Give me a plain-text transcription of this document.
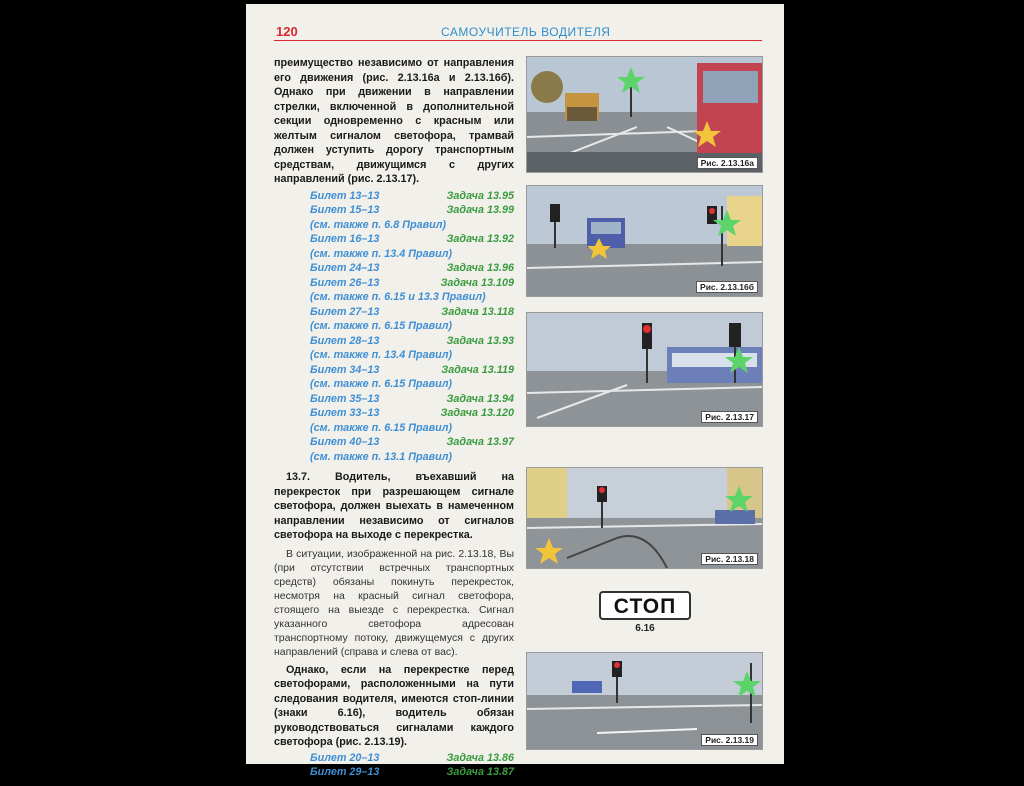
120	САМОУЧИТЕЛЬ ВОДИТЕЛЯ
преимущество независимо от направления его движения (рис. 2.13.16а и 2.13.16б). Однако при движении в направлении стрелки, включенной в дополнительной секции одновременно с красным или желтым сигналом светофора, трамвай должен уступить дорогу транспортным средствам, движущимся с других направлений (рис. 2.13.17).
Билет 13–13	Задача 13.95
Билет 15–13	Задача 13.99
(см. также п. 6.8 Правил)
Билет 16–13	Задача 13.92
(см. также п. 13.4 Правил)
Билет 24–13	Задача 13.96
Билет 26–13	Задача 13.109
(см. также п. 6.15 и 13.3 Правил)
Билет 27–13	Задача 13.118
(см. также п. 6.15 Правил)
Билет 28–13	Задача 13.93
(см. также п. 13.4 Правил)
Билет 34–13	Задача 13.119
(см. также п. 6.15 Правил)
Билет 35–13	Задача 13.94
Билет 33–13	Задача 13.120
(см. также п. 6.15 Правил)
Билет 40–13	Задача 13.97
(см. также п. 13.1 Правил)
13.7. Водитель, въехавший на перекресток при разрешающем сигнале светофора, должен выехать в намеченном направлении независимо от сигналов светофора на выходе с перекрестка.
В ситуации, изображенной на рис. 2.13.18, Вы (при отсутствии встречных транспортных средств) обязаны покинуть перекресток, несмотря на красный сигнал светофора, стоящего на выезде с перекрестка. Сигнал указанного светофора адресован транспортному потоку, движущемуся с других направлений (справа и слева от вас).
Однако, если на перекрестке перед светофорами, расположенными на пути следования водителя, имеются стоп-линии (знаки 6.16), водитель обязан руководствоваться сигналами каждого светофора (рис. 2.13.19).
Билет 20–13	Задача 13.86
Билет 29–13	Задача 13.87
Рис. 2.13.16а
Рис. 2.13.16б
Рис. 2.13.17
Рис. 2.13.18
СТОП
6.16
Рис. 2.13.19
